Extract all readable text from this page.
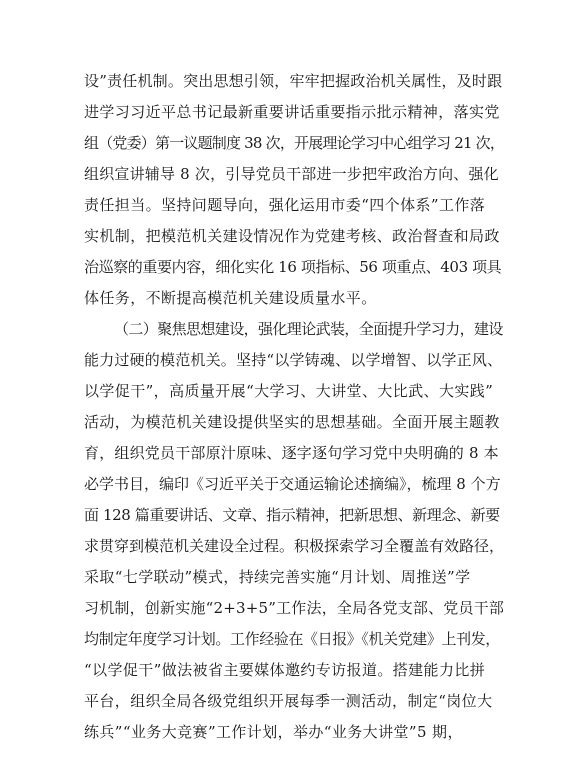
设”责任机制。突出思想引领，牢牢把握政治机关属性，及时跟
进学习习近平总书记最新重要讲话重要指示批示精神，落实党
组（党委）第一议题制度 38 次，开展理论学习中心组学习 21 次，
组织宣讲辅导 8 次，引导党员干部进一步把牢政治方向、强化
责任担当。坚持问题导向，强化运用市委“四个体系”工作落
实机制，把模范机关建设情况作为党建考核、政治督查和局政
治巡察的重要内容，细化实化 16 项指标、56 项重点、403 项具
体任务，不断提高模范机关建设质量水平。
（二）聚焦思想建设，强化理论武装，全面提升学习力，建设
能力过硬的模范机关。坚持“以学铸魂、以学增智、以学正风、
以学促干”，高质量开展“大学习、大讲堂、大比武、大实践”
活动，为模范机关建设提供坚实的思想基础。全面开展主题教
育，组织党员干部原汁原味、逐字逐句学习党中央明确的 8 本
必学书目，编印《习近平关于交通运输论述摘编》，梳理 8 个方
面 128 篇重要讲话、文章、指示精神，把新思想、新理念、新要
求贯穿到模范机关建设全过程。积极探索学习全覆盖有效路径，
采取“七学联动”模式，持续完善实施“月计划、周推送”学
习机制，创新实施“2+3+5”工作法，全局各党支部、党员干部
均制定年度学习计划。工作经验在《日报》《机关党建》上刊发，
“以学促干”做法被省主要媒体邀约专访报道。搭建能力比拼
平台，组织全局各级党组织开展每季一测活动，制定“岗位大
练兵”“业务大竞赛”工作计划，举办“业务大讲堂”5 期，
